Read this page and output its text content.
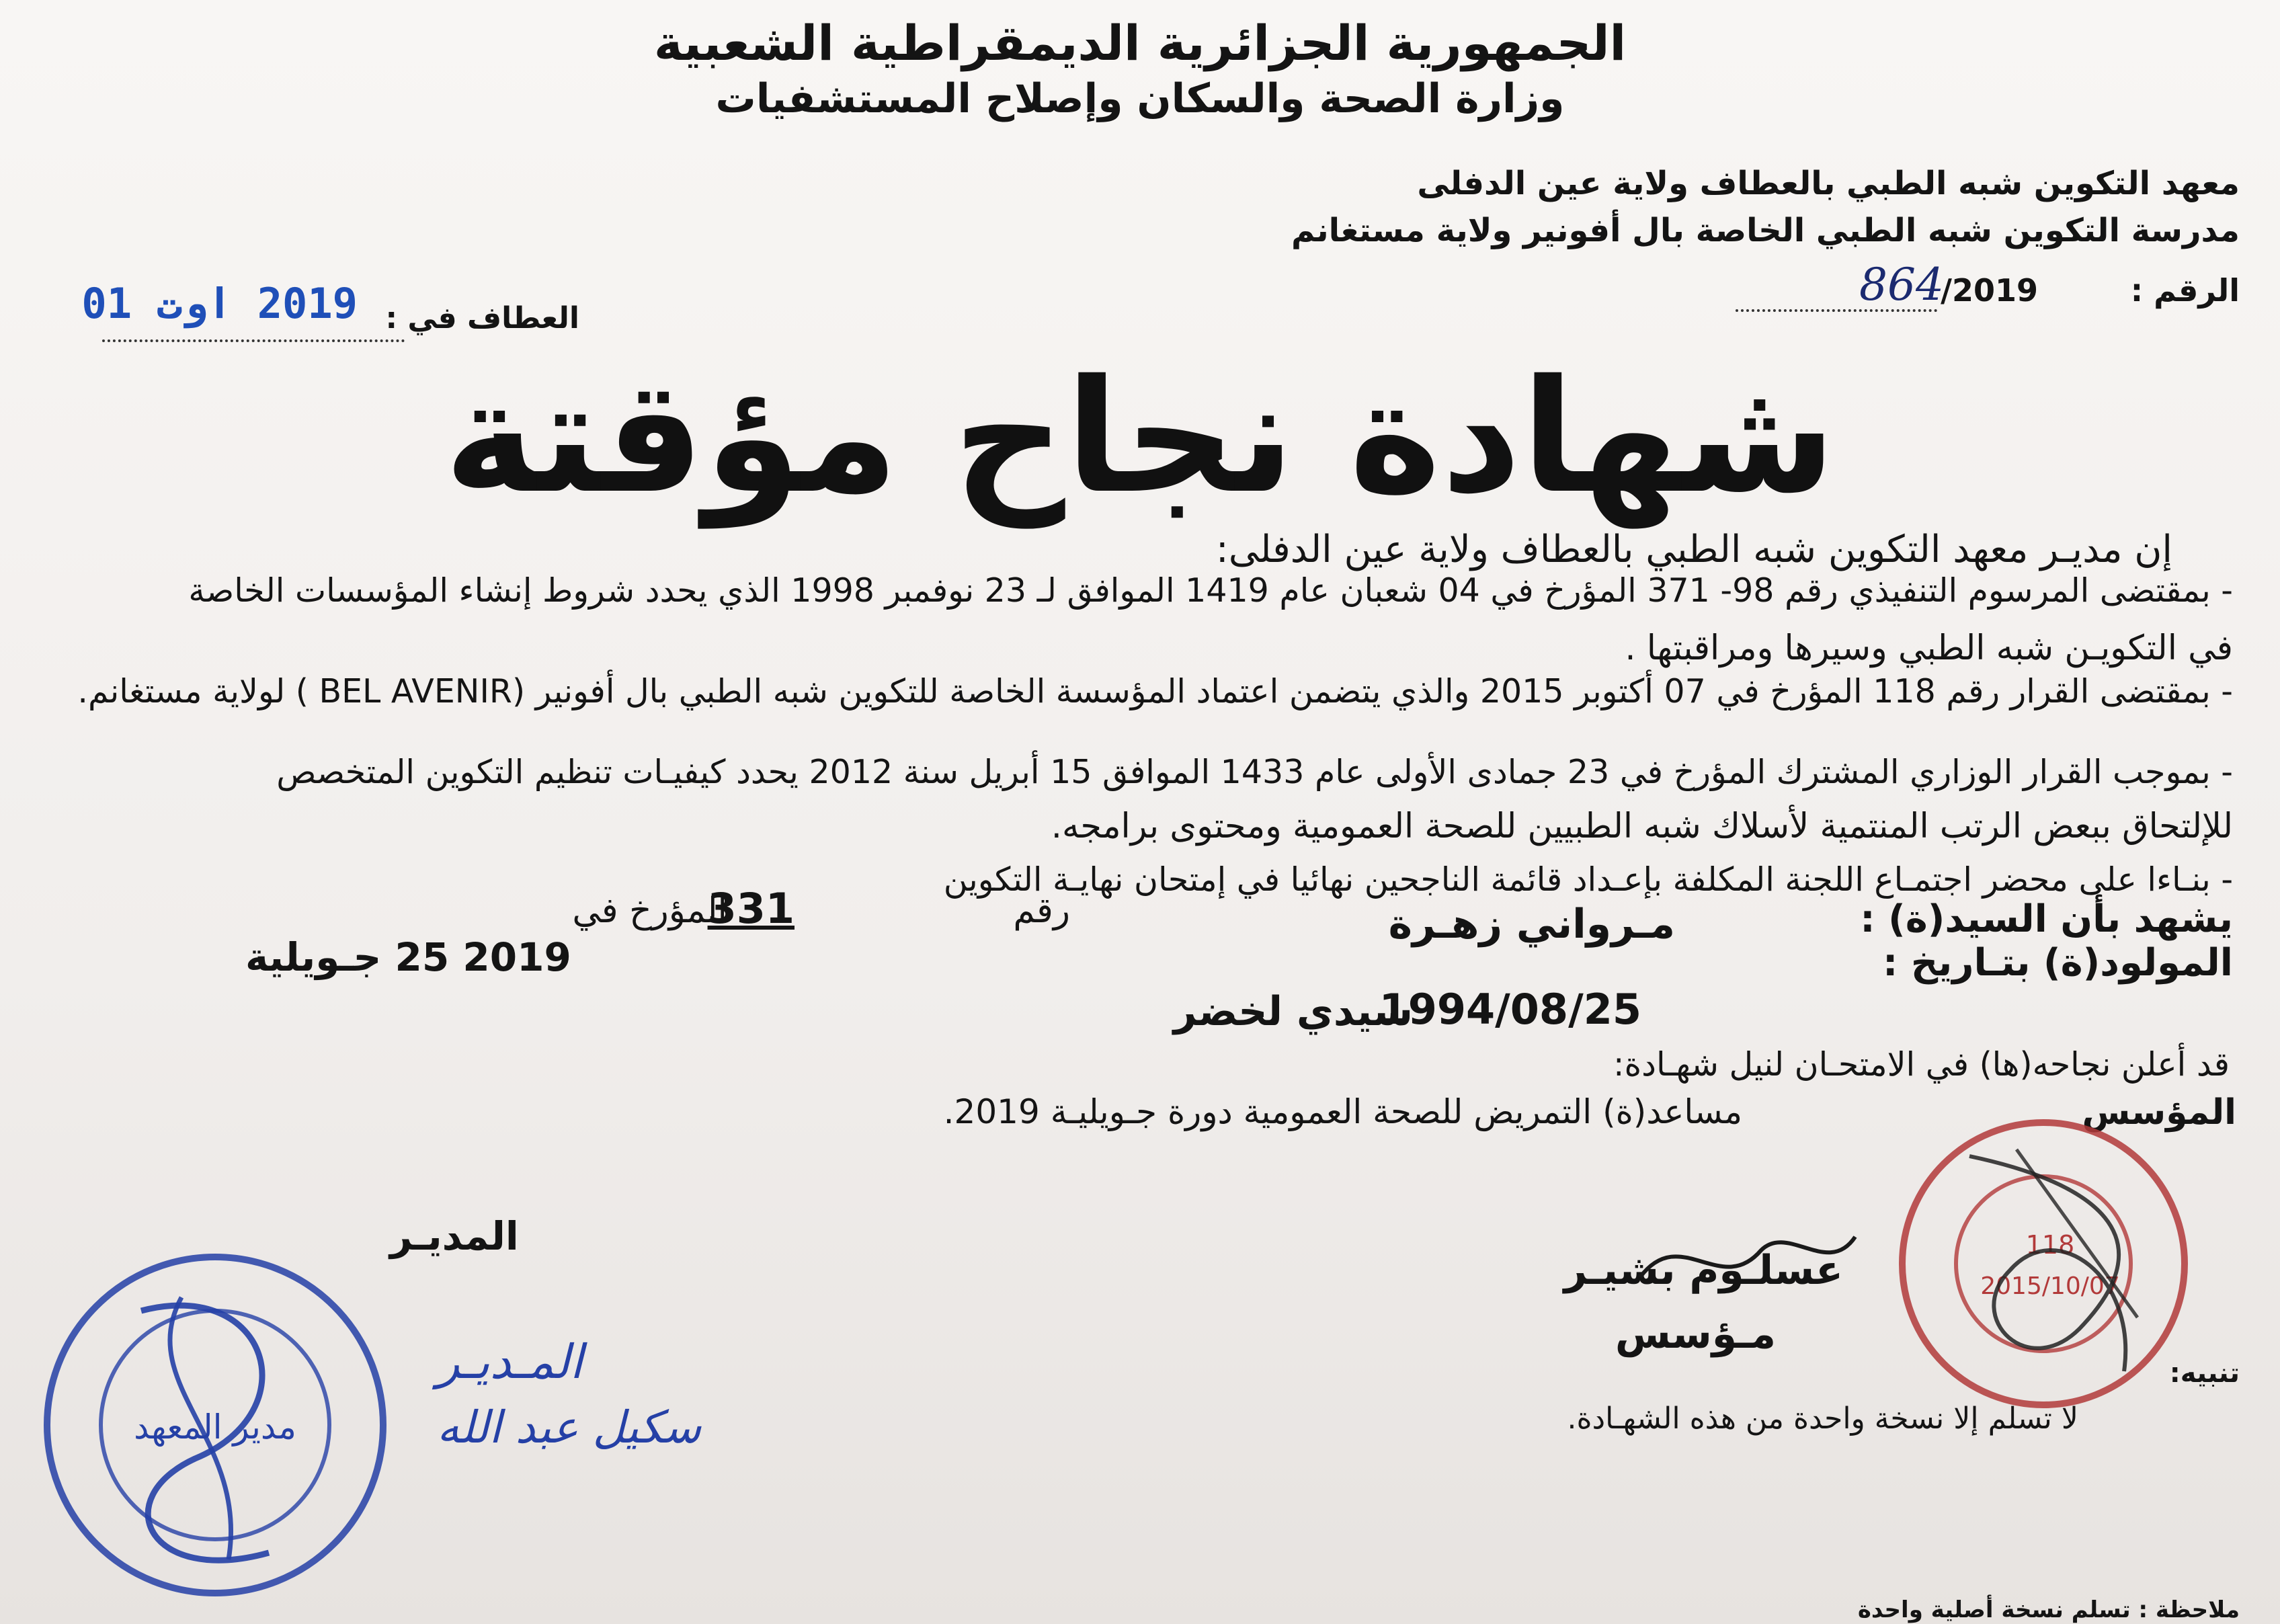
الجمهورية الجزائرية الديمقراطية الشعبية
وزارة الصحة والسكان وإصلاح المستشفيات
معهد التكوين شبه الطبي بالعطاف ولاية عين الدفلى
مدرسة التكوين شبه الطبي الخاصة بال أفونير ولاية مستغانم
الرقم :
2019/
864
العطاف في :
2019 اوت 01
شهادة نجاح مؤقتة
إن مديـر معهد التكوين شبه الطبي بالعطاف ولاية عين الدفلى:
- بمقتضى المرسوم التنفيذي رقم 98- 371 المؤرخ في 04 شعبان عام 1419 الموافق لـ 23 نوفمبر 1998 الذي يحدد شروط إنشاء المؤسسات الخاصة
في التكويـن شبه الطبي وسيرها ومراقبتها .
- بمقتضى القرار رقم 118 المؤرخ في 07 أكتوبر 2015 والذي يتضمن اعتماد المؤسسة الخاصة للتكوين شبه الطبي بال أفونير (BEL AVENIR ) لولاية مستغانم.
- بموجب القرار الوزاري المشترك المؤرخ في 23 جمادى الأولى عام 1433 الموافق 15 أبريل سنة 2012 يحدد كيفيـات تنظيم التكوين المتخصص
للإلتحاق ببعض الرتب المنتمية لأسلاك شبه الطبيين للصحة العمومية ومحتوى برامجه.
- بنـاءا على محضر اجتمـاع اللجنة المكلفة بإعـداد قائمة الناجحين نهائيا في إمتحان نهايـة التكوين
يشهد بأن السيد(ة) :
مـرواني زهـرة
رقم
331
المؤرخ في
2019 25 جـويلية	المولود(ة) بتـاريخ :
1994/08/25
سيدي لخضر
قد أعلن نجاحه(ها) في الامتحـان لنيل شهـادة:
مساعد(ة) التمريض للصحة العمومية دورة جـويليـة 2019.	المؤسس
المديـر
عسلـوم بشيـر
مـؤسس
تنبيه:
لا تسلم إلا نسخة واحدة من هذه الشهـادة.
ملاحظة : تسلم نسخة أصلية واحدة
معهد التكوين شبه الطبي بالعطاف ولاية عين الدفلى
مدير المعهد
المـديـر
سكيل عبد الله
118
2015/10/07
